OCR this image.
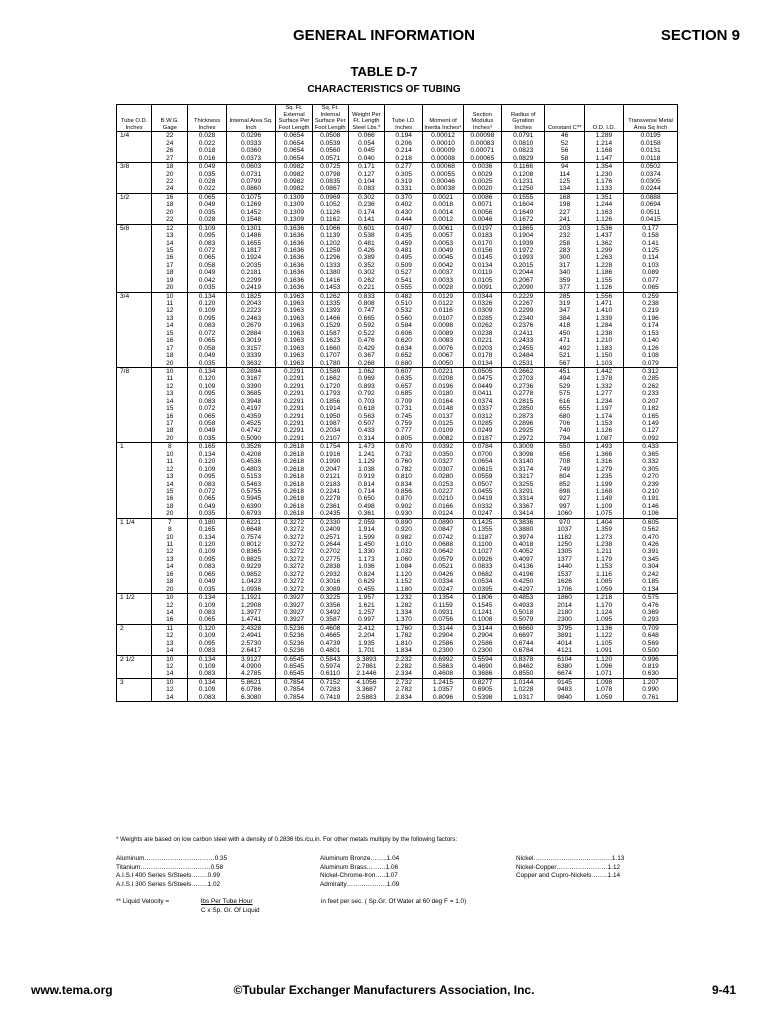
GENERAL INFORMATION	SECTION 9
TABLE D-7
CHARACTERISTICS OF TUBING
Tube O.D. Inches	B.W.G. Gage	Thickness Inches	Internal Area Sq. Inch	Sq. Ft. External Surface Per Foot Length	Sq. Ft. Internal Surface Per Foot Length	Weight Per Ft. Length Steel Lbs.*	Tube I.D. Inches	Moment of Inertia Inches⁴	Section Modulus Inches³	Radius of Gyration Inches	Constant C**	O.D. I.D.	Transverse Metal Area Sq Inch
1/4	22	0.028	0.0296	0.0654	0.0508	0.066	0.194	0.00012	0.00098	0.0791	46	1.289	0.0195
	24	0.022	0.0333	0.0654	0.0539	0.054	0.206	0.00010	0.00083	0.0810	52	1.214	0.0158
	26	0.018	0.0360	0.0654	0.0560	0.045	0.214	0.00009	0.00071	0.0823	56	1.168	0.0131
	27	0.016	0.0373	0.0654	0.0571	0.040	0.218	0.00008	0.00065	0.0829	58	1.147	0.0118
3/8	18	0.049	0.0603	0.0982	0.0725	0.171	0.277	0.00068	0.0036	0.1166	94	1.354	0.0502
	20	0.035	0.0731	0.0982	0.0798	0.127	0.305	0.00055	0.0029	0.1208	114	1.230	0.0374
	22	0.028	0.0799	0.0982	0.0835	0.104	0.319	0.00046	0.0025	0.1231	125	1.176	0.0305
	24	0.022	0.0860	0.0982	0.0867	0.083	0.331	0.00038	0.0020	0.1250	134	1.133	0.0244
1/2	16	0.065	0.1075	0.1309	0.0969	0.302	0.370	0.0021	0.0086	0.1555	168	1.351	0.0888
	18	0.049	0.1269	0.1309	0.1052	0.236	0.402	0.0018	0.0071	0.1604	198	1.244	0.0694
	20	0.035	0.1452	0.1309	0.1126	0.174	0.430	0.0014	0.0056	0.1649	227	1.163	0.0511
	22	0.028	0.1548	0.1309	0.1162	0.141	0.444	0.0012	0.0046	0.1672	241	1.126	0.0415
5/8	12	0.109	0.1301	0.1636	0.1066	0.601	0.407	0.0061	0.0197	0.1865	203	1.536	0.177
	13	0.095	0.1486	0.1636	0.1139	0.538	0.435	0.0057	0.0183	0.1904	232	1.437	0.158
	14	0.083	0.1655	0.1636	0.1202	0.481	0.459	0.0053	0.0170	0.1939	258	1.362	0.141
	15	0.072	0.1817	0.1636	0.1259	0.426	0.481	0.0049	0.0156	0.1972	283	1.299	0.125
	16	0.065	0.1924	0.1636	0.1296	0.389	0.495	0.0045	0.0145	0.1993	300	1.263	0.114
	17	0.058	0.2035	0.1636	0.1333	0.352	0.509	0.0042	0.0134	0.2015	317	1.228	0.103
	18	0.049	0.2181	0.1636	0.1380	0.302	0.527	0.0037	0.0119	0.2044	340	1.186	0.089
	19	0.042	0.2299	0.1636	0.1416	0.262	0.541	0.0033	0.0105	0.2067	359	1.155	0.077
	20	0.035	0.2419	0.1636	0.1453	0.221	0.555	0.0028	0.0091	0.2090	377	1.126	0.065
3/4	10	0.134	0.1825	0.1963	0.1262	0.833	0.482	0.0129	0.0344	0.2229	285	1.556	0.259
	11	0.120	0.2043	0.1963	0.1335	0.808	0.510	0.0122	0.0326	0.2267	319	1.471	0.238
	12	0.109	0.2223	0.1963	0.1393	0.747	0.532	0.0116	0.0309	0.2299	347	1.410	0.219
	13	0.095	0.2463	0.1963	0.1466	0.665	0.560	0.0107	0.0285	0.2340	384	1.339	0.196
	14	0.083	0.2679	0.1963	0.1529	0.592	0.584	0.0098	0.0262	0.2376	418	1.284	0.174
	15	0.072	0.2884	0.1963	0.1587	0.522	0.606	0.0089	0.0238	0.2411	450	1.238	0.153
	16	0.065	0.3019	0.1963	0.1623	0.476	0.620	0.0083	0.0221	0.2433	471	1.210	0.140
	17	0.058	0.3157	0.1963	0.1660	0.429	0.634	0.0076	0.0203	0.2455	492	1.183	0.126
	18	0.049	0.3339	0.1963	0.1707	0.367	0.652	0.0067	0.0178	0.2484	521	1.150	0.108
	20	0.035	0.3632	0.1963	0.1780	0.268	0.680	0.0050	0.0134	0.2531	567	1.103	0.079
7/8	10	0.134	0.2894	0.2291	0.1589	1.062	0.607	0.0221	0.0505	0.2662	451	1.442	0.312
	11	0.120	0.3167	0.2291	0.1662	0.969	0.635	0.0208	0.0475	0.2703	494	1.378	0.285
	12	0.109	0.3390	0.2291	0.1720	0.893	0.657	0.0196	0.0449	0.2736	529	1.332	0.262
	13	0.095	0.3685	0.2291	0.1793	0.792	0.685	0.0180	0.0411	0.2778	575	1.277	0.233
	14	0.083	0.3948	0.2291	0.1856	0.703	0.709	0.0164	0.0374	0.2815	616	1.234	0.207
	15	0.072	0.4197	0.2291	0.1914	0.618	0.731	0.0148	0.0337	0.2850	655	1.197	0.182
	16	0.065	0.4359	0.2291	0.1950	0.563	0.745	0.0137	0.0312	0.2873	680	1.174	0.165
	17	0.058	0.4525	0.2291	0.1987	0.507	0.759	0.0125	0.0285	0.2896	706	1.153	0.149
	18	0.049	0.4742	0.2291	0.2034	0.433	0.777	0.0109	0.0249	0.2925	740	1.126	0.127
	20	0.035	0.5090	0.2291	0.2107	0.314	0.805	0.0082	0.0187	0.2972	794	1.087	0.092
1	8	0.165	0.3526	0.2618	0.1754	1.473	0.670	0.0392	0.0784	0.3009	550	1.493	0.433
	10	0.134	0.4208	0.2618	0.1916	1.241	0.732	0.0350	0.0700	0.3098	656	1.366	0.365
	11	0.120	0.4536	0.2618	0.1990	1.129	0.760	0.0327	0.0654	0.3140	708	1.316	0.332
	12	0.109	0.4803	0.2618	0.2047	1.038	0.782	0.0307	0.0615	0.3174	749	1.279	0.305
	13	0.095	0.5153	0.2618	0.2121	0.919	0.810	0.0280	0.0559	0.3217	804	1.235	0.270
	14	0.083	0.5463	0.2618	0.2183	0.814	0.834	0.0253	0.0507	0.3255	852	1.199	0.239
	15	0.072	0.5755	0.2618	0.2241	0.714	0.856	0.0227	0.0455	0.3291	898	1.168	0.210
	16	0.065	0.5945	0.2618	0.2278	0.650	0.870	0.0210	0.0419	0.3314	927	1.149	0.191
	18	0.049	0.6390	0.2618	0.2361	0.498	0.902	0.0166	0.0332	0.3367	997	1.109	0.146
	20	0.035	0.6793	0.2618	0.2435	0.361	0.930	0.0124	0.0247	0.3414	1060	1.075	0.106
1 1/4	7	0.180	0.6221	0.3272	0.2330	2.059	0.890	0.0890	0.1425	0.3836	970	1.404	0.605
	8	0.165	0.6648	0.3272	0.2409	1.914	0.920	0.0847	0.1355	0.3880	1037	1.359	0.562
	10	0.134	0.7574	0.3272	0.2571	1.599	0.982	0.0742	0.1187	0.3974	1182	1.273	0.470
	11	0.120	0.8012	0.3272	0.2644	1.450	1.010	0.0688	0.1100	0.4018	1250	1.238	0.426
	12	0.109	0.8365	0.3272	0.2702	1.330	1.032	0.0642	0.1027	0.4052	1305	1.211	0.391
	13	0.095	0.8825	0.3272	0.2775	1.173	1.060	0.0579	0.0926	0.4097	1377	1.179	0.345
	14	0.083	0.9229	0.3272	0.2838	1.036	1.084	0.0521	0.0833	0.4136	1440	1.153	0.304
	16	0.065	0.9852	0.3272	0.2932	0.824	1.120	0.0426	0.0682	0.4196	1537	1.116	0.242
	18	0.049	1.0423	0.3272	0.3016	0.629	1.152	0.0334	0.0534	0.4250	1626	1.085	0.185
	20	0.035	1.0936	0.3272	0.3089	0.455	1.180	0.0247	0.0395	0.4297	1706	1.059	0.134
1 1/2	10	0.134	1.1921	0.3927	0.3225	1.957	1.232	0.1354	0.1806	0.4853	1860	1.218	0.575
	12	0.109	1.2908	0.3927	0.3356	1.621	1.282	0.1159	0.1545	0.4933	2014	1.170	0.476
	14	0.083	1.3977	0.3927	0.3492	1.257	1.334	0.0931	0.1241	0.5018	2180	1.124	0.369
	16	0.065	1.4741	0.3927	0.3587	0.997	1.370	0.0756	0.1008	0.5079	2300	1.095	0.293
2	11	0.120	2.4328	0.5236	0.4608	2.412	1.760	0.3144	0.3144	0.6660	3795	1.136	0.709
	12	0.109	2.4941	0.5236	0.4665	2.204	1.782	0.2904	0.2904	0.6697	3891	1.122	0.648
	13	0.095	2.5730	0.5236	0.4739	1.935	1.810	0.2586	0.2586	0.6744	4014	1.105	0.569
	14	0.083	2.6417	0.5236	0.4801	1.701	1.834	0.2300	0.2300	0.6784	4121	1.091	0.500
2 1/2	10	0.134	3.9127	0.6545	0.5843	3.3893	2.232	0.6992	0.5594	0.8378	6104	1.120	0.996
	12	0.109	4.0900	0.6545	0.5974	2.7861	2.282	0.5863	0.4690	0.8462	6380	1.096	0.819
	14	0.083	4.2785	0.6545	0.6110	2.1446	2.334	0.4608	0.3686	0.8550	6674	1.071	0.630
3	10	0.134	5.8621	0.7854	0.7152	4.1056	2.732	1.2415	0.8277	1.0144	9145	1.098	1.207
	12	0.109	6.0786	0.7854	0.7283	3.3687	2.782	1.0357	0.6905	1.0228	9483	1.078	0.990
	14	0.083	6.3080	0.7854	0.7419	2.5883	2.834	0.8096	0.5398	1.0317	9840	1.059	0.761
* Weights are based on low carbon steel with a density of 0.2836 lbs./cu.in. For other metals multiply by the following factors:
Aluminum……………………………0.35
Titanium……………………………0.58
A.I.S.I 400 Series S/Steels……..0.99
A.I.S.I 300 Series S/Steels……..1.02
Aluminum Bronze……..1.04
Aluminum Brass………1.06
Nickel-Chrome-Iron…..1.07
Admiralty……………….1.09
Nickel……………………………….1.13
Nickel-Copper……………………1.12
Copper and Cupro-Nickels……..1.14
** Liquid Velocity =	lbs Per Tube Hour
C x Sp. Gr. Of Liquid
in feet per sec. ( Sp.Gr. Of Water at 60 deg F = 1.0)
www.tema.org	©Tubular Exchanger Manufacturers Association, Inc.	9-41
